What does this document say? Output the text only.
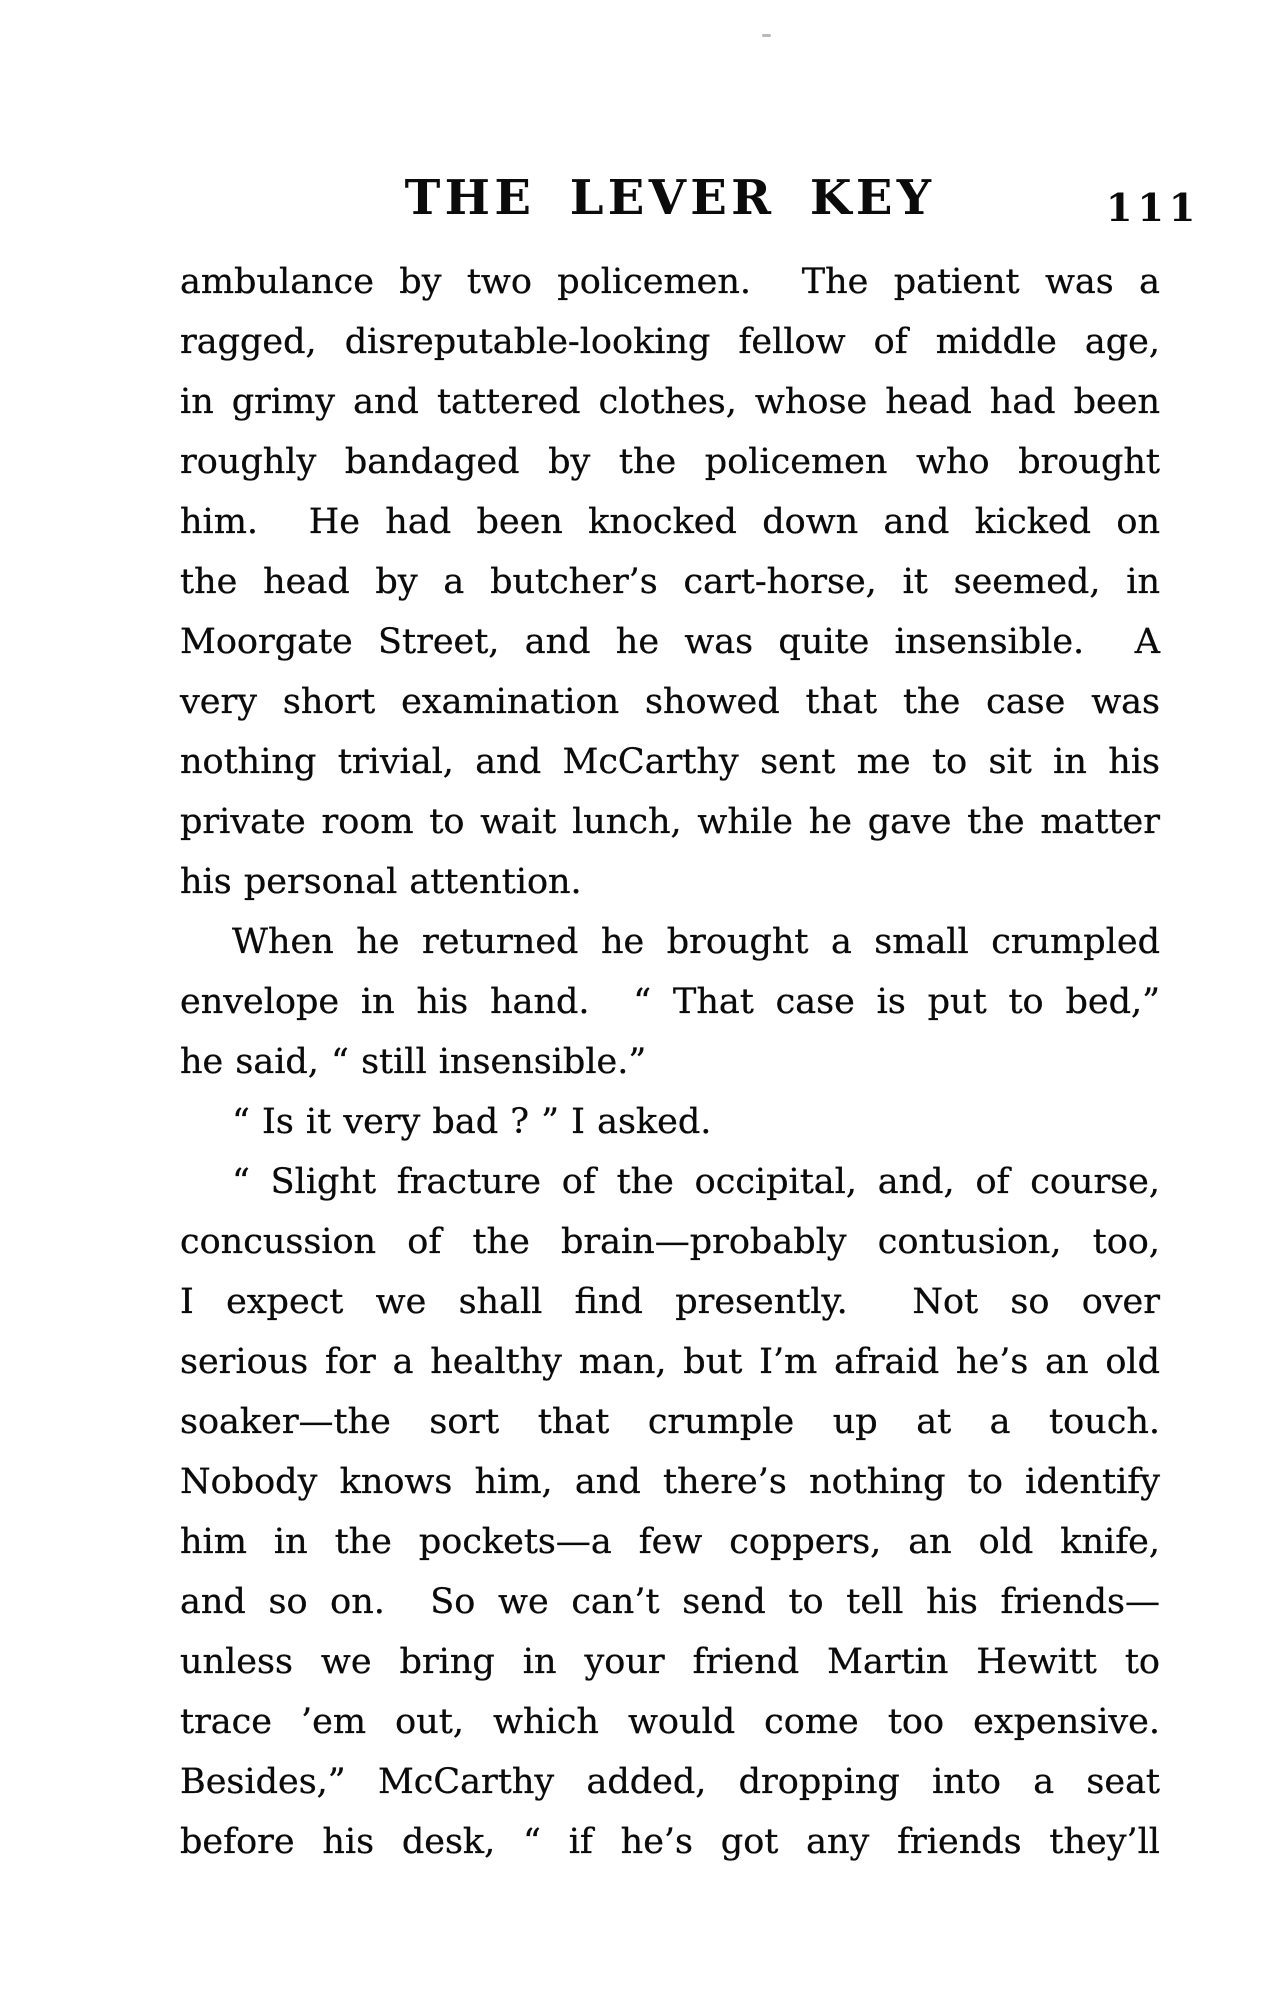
THE LEVER KEY	111
ambulance by two policemen.  The patient was a
ragged, disreputable-looking fellow of middle age,
in grimy and tattered clothes, whose head had been
roughly bandaged by the policemen who brought
him.  He had been knocked down and kicked on
the head by a butcher’s cart-horse, it seemed, in
Moorgate Street, and he was quite insensible.  A
very short examination showed that the case was
nothing trivial, and McCarthy sent me to sit in his
private room to wait lunch, while he gave the matter
his personal attention.
When he returned he brought a small crumpled
envelope in his hand.  “ That case is put to bed,”
he said, “ still insensible.”
“ Is it very bad ? ” I asked.
“ Slight fracture of the occipital, and, of course,
concussion of the brain—probably contusion, too,
I expect we shall find presently.  Not so over
serious for a healthy man, but I’m afraid he’s an old
soaker—the sort that crumple up at a touch.
Nobody knows him, and there’s nothing to identify
him in the pockets—a few coppers, an old knife,
and so on.  So we can’t send to tell his friends—
unless we bring in your friend Martin Hewitt to
trace ’em out, which would come too expensive.
Besides,” McCarthy added, dropping into a seat
before his desk, “ if he’s got any friends they’ll
